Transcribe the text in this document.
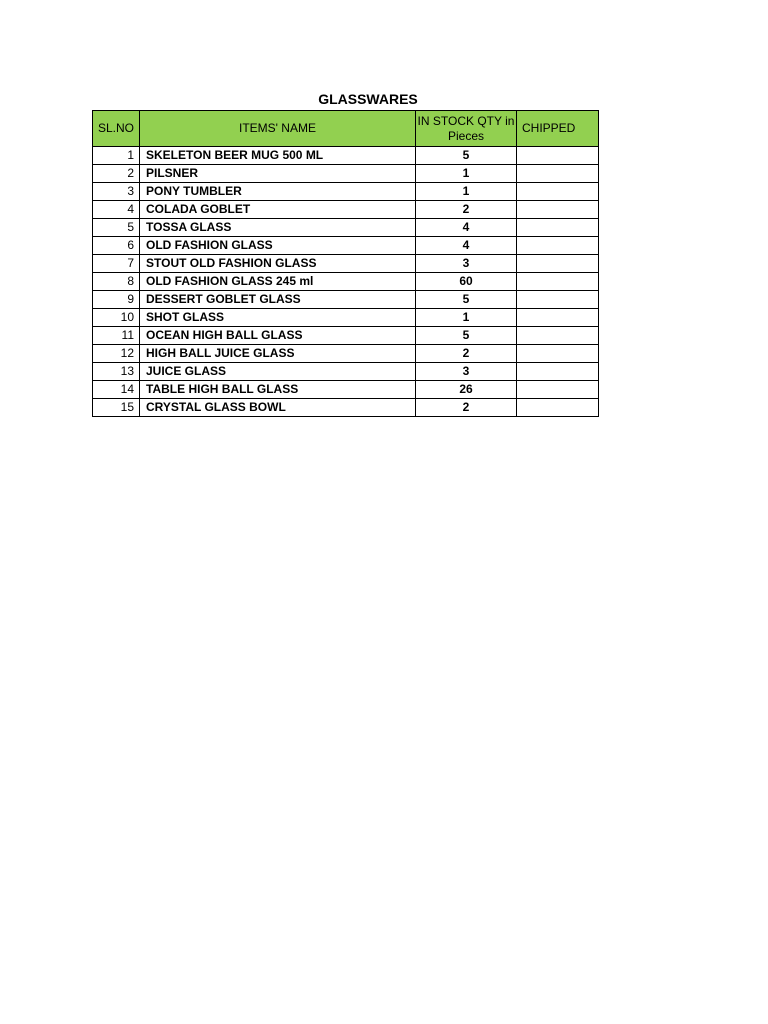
GLASSWARES
SL.NO	ITEMS' NAME	IN STOCK QTY in Pieces	CHIPPED
1	SKELETON BEER MUG 500 ML	5	
2	PILSNER	1	
3	PONY TUMBLER	1	
4	COLADA GOBLET	2	
5	TOSSA GLASS	4	
6	OLD FASHION GLASS	4	
7	STOUT OLD FASHION GLASS	3	
8	OLD FASHION GLASS 245 ml	60	
9	DESSERT GOBLET GLASS	5	
10	SHOT GLASS	1	
11	OCEAN HIGH BALL GLASS	5	
12	HIGH BALL JUICE GLASS	2	
13	JUICE GLASS	3	
14	TABLE HIGH BALL GLASS	26	
15	CRYSTAL GLASS BOWL	2	
